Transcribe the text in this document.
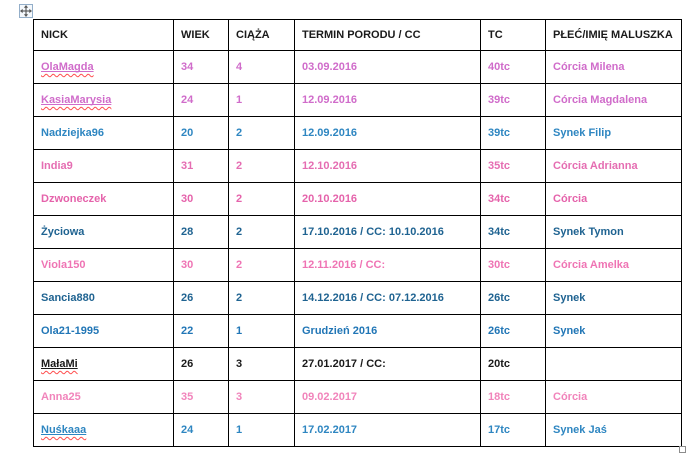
NICK	WIEK	CIĄŻA	TERMIN PORODU / CC	TC	PŁEĆ/IMIĘ MALUSZKA
OlaMagda	34	4	03.09.2016	40tc	Córcia Milena
KasiaMarysia	24	1	12.09.2016	39tc	Córcia Magdalena
Nadziejka96	20	2	12.09.2016	39tc	Synek Filip
India9	31	2	12.10.2016	35tc	Córcia Adrianna
Dzwoneczek	30	2	20.10.2016	34tc	Córcia
Życiowa	28	2	17.10.2016 / CC: 10.10.2016	34tc	Synek Tymon
Viola150	30	2	12.11.2016 / CC:	30tc	Córcia Amelka
Sancia880	26	2	14.12.2016 / CC: 07.12.2016	26tc	Synek
Ola21-1995	22	1	Grudzień 2016	26tc	Synek
MałaMi	26	3	27.01.2017 / CC:	20tc	
Anna25	35	3	09.02.2017	18tc	Córcia
Nuśkaaa	24	1	17.02.2017	17tc	Synek Jaś
